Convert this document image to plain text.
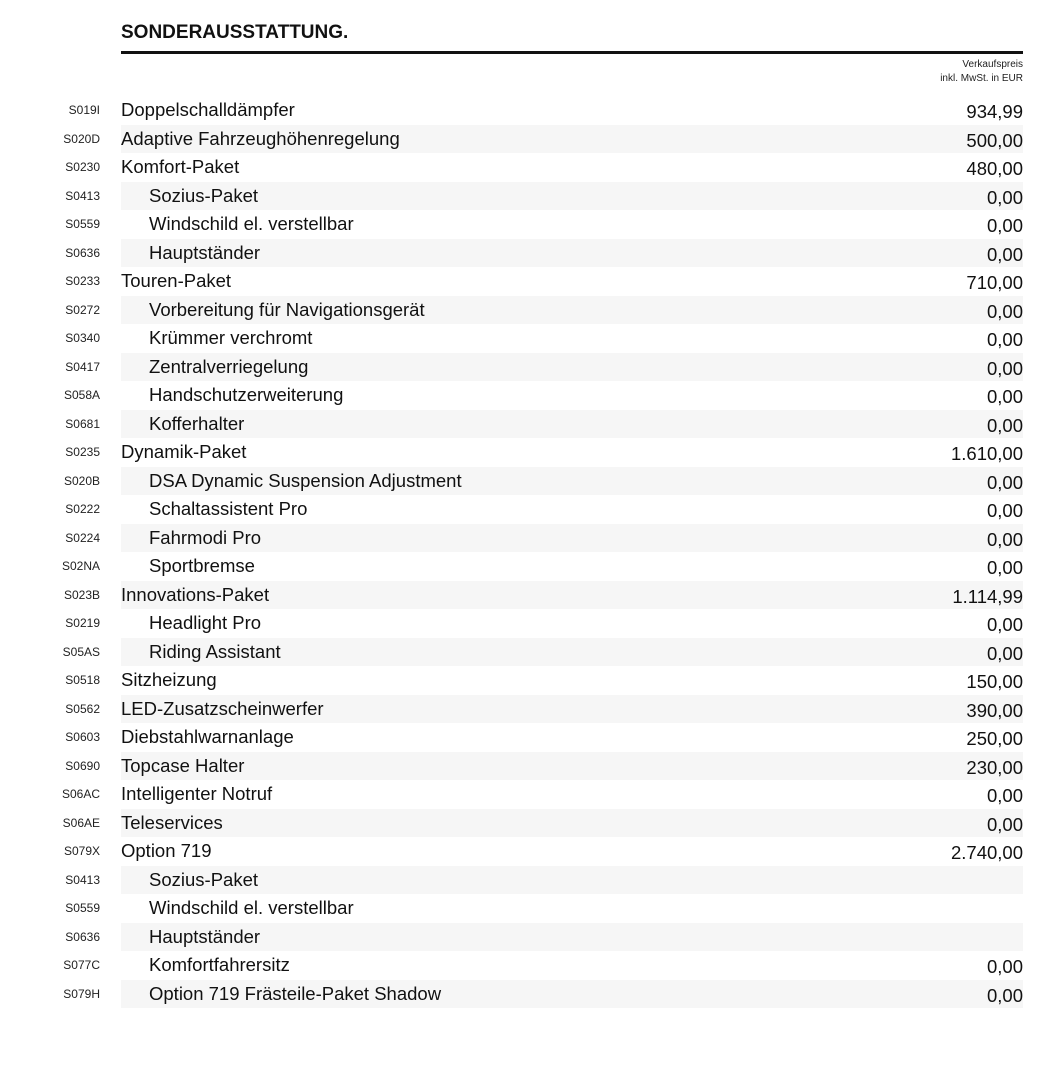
SONDERAUSSTATTUNG.
Verkaufspreis
inkl. MwSt. in EUR
S019I Doppelschalldämpfer	934,99
S020D Adaptive Fahrzeughöhenregelung	500,00
S0230 Komfort-Paket	480,00
S0413	Sozius-Paket	0,00
S0559	Windschild el. verstellbar	0,00
S0636	Hauptständer	0,00
S0233 Touren-Paket	710,00
S0272	Vorbereitung für Navigationsgerät	0,00
S0340	Krümmer verchromt	0,00
S0417	Zentralverriegelung	0,00
S058A	Handschutzerweiterung	0,00
S0681	Kofferhalter	0,00
S0235 Dynamik-Paket	1.610,00
S020B	DSA Dynamic Suspension Adjustment	0,00
S0222	Schaltassistent Pro	0,00
S0224	Fahrmodi Pro	0,00
S02NA	Sportbremse	0,00
S023B Innovations-Paket	1.114,99
S0219	Headlight Pro	0,00
S05AS	Riding Assistant	0,00
S0518 Sitzheizung	150,00
S0562 LED-Zusatzscheinwerfer	390,00
S0603 Diebstahlwarnanlage	250,00
S0690 Topcase Halter	230,00
S06AC Intelligenter Notruf	0,00
S06AE Teleservices	0,00
S079X Option 719	2.740,00
S0413	Sozius-Paket
S0559	Windschild el. verstellbar
S0636	Hauptständer
S077C	Komfortfahrersitz	0,00
S079H	Option 719 Frästeile-Paket Shadow	0,00
